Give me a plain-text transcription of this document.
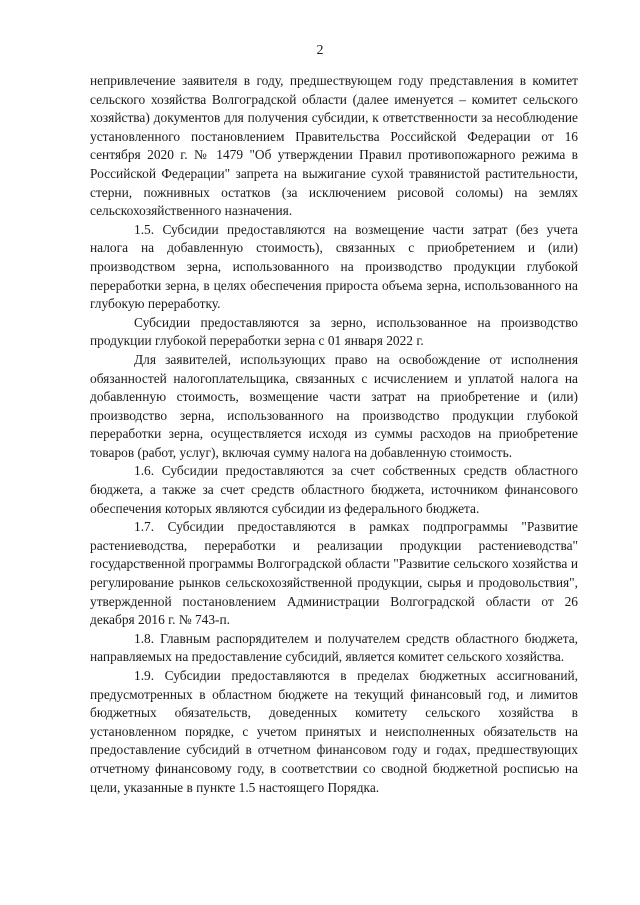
2

непривлечение заявителя в году, предшествующем году представления в комитет сельского хозяйства Волгоградской области (далее именуется – комитет сельского хозяйства) документов для получения субсидии, к ответственности за несоблюдение установленного постановлением Правительства Российской Федерации от 16 сентября 2020 г. № 1479 "Об утверждении Правил противопожарного режима в Российской Федерации" запрета на выжигание сухой травянистой растительности, стерни, пожнивных остатков (за исключением рисовой соломы) на землях сельскохозяйственного назначения.

1.5. Субсидии предоставляются на возмещение части затрат (без учета налога на добавленную стоимость), связанных с приобретением и (или) производством зерна, использованного на производство продукции глубокой переработки зерна, в целях обеспечения прироста объема зерна, использованного на глубокую переработку.

Субсидии предоставляются за зерно, использованное на производство продукции глубокой переработки зерна с 01 января 2022 г.

Для заявителей, использующих право на освобождение от исполнения обязанностей налогоплательщика, связанных с исчислением и уплатой налога на добавленную стоимость, возмещение части затрат на приобретение и (или) производство зерна, использованного на производство продукции глубокой переработки зерна, осуществляется исходя из суммы расходов на приобретение товаров (работ, услуг), включая сумму налога на добавленную стоимость.

1.6. Субсидии предоставляются за счет собственных средств областного бюджета, а также за счет средств областного бюджета, источником финансового обеспечения которых являются субсидии из федерального бюджета.

1.7. Субсидии предоставляются в рамках подпрограммы "Развитие растениеводства, переработки и реализации продукции растениеводства" государственной программы Волгоградской области "Развитие сельского хозяйства и регулирование рынков сельскохозяйственной продукции, сырья и продовольствия", утвержденной постановлением Администрации Волгоградской области от 26 декабря 2016 г. № 743-п.

1.8. Главным распорядителем и получателем средств областного бюджета, направляемых на предоставление субсидий, является комитет сельского хозяйства.

1.9. Субсидии предоставляются в пределах бюджетных ассигнований, предусмотренных в областном бюджете на текущий финансовый год, и лимитов бюджетных обязательств, доведенных комитету сельского хозяйства в установленном порядке, с учетом принятых и неисполненных обязательств на предоставление субсидий в отчетном финансовом году и годах, предшествующих отчетному финансовому году, в соответствии со сводной бюджетной росписью на цели, указанные в пункте 1.5 настоящего Порядка.
